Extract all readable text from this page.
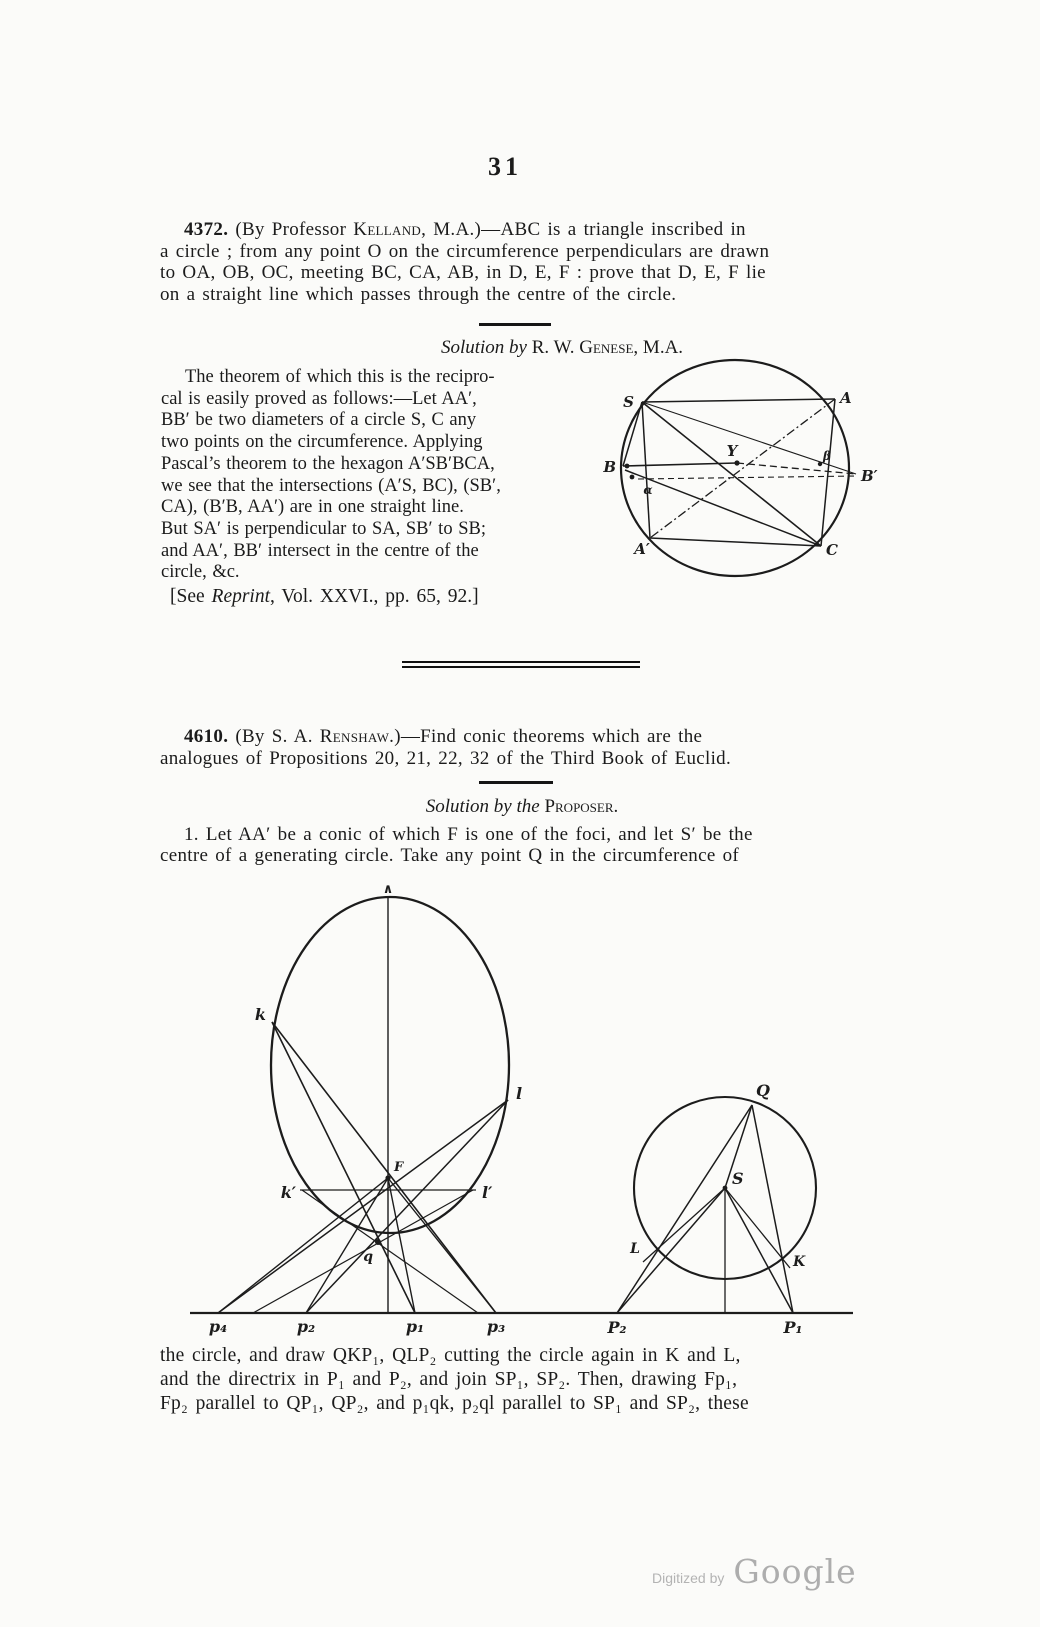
31
4372. (By Professor Kelland, M.A.)—ABC is a triangle inscribed in
a circle ; from any point O on the circumference perpendiculars are drawn
to OA, OB, OC, meeting BC, CA, AB, in D, E, F : prove that D, E, F lie
on a straight line which passes through the centre of the circle.
Solution by R. W. Genese, M.A.
The theorem of which this is the recipro-
cal is easily proved as follows:—Let AA′,
BB′ be two diameters of a circle S, C any
two points on the circumference. Applying
Pascal’s theorem to the hexagon A′SB′BCA,
we see that the intersections (A′S, BC), (SB′,
CA), (B′B, AA′) are in one straight line.
But SA′ is perpendicular to SA, SB′ to SB;
and AA′, BB′ intersect in the centre of the
circle, &c.
S	A
B	B′
Y	β
α
A′	C
[See Reprint, Vol. XXVI., pp. 65, 92.]
4610. (By S. A. Renshaw.)—Find conic theorems which are the
analogues of Propositions 20, 21, 22, 32 of the Third Book of Euclid.
Solution by the Proposer.
1. Let AA′ be a conic of which F is one of the foci, and let S′ be the
centre of a generating circle. Take any point Q in the circumference of
∧
k
l
F
k′	l′
q
p₄	p₂	p₁	p₃
Q
S
L
K
P₂	P₁
the circle, and draw QKP₁, QLP₂ cutting the circle again in K and L,
and the directrix in P₁ and P₂, and join SP₁, SP₂. Then, drawing Fp₁,
Fp₂ parallel to QP₁, QP₂, and p₁qk, p₂ql parallel to SP₁ and SP₂, these
Digitized by Google
